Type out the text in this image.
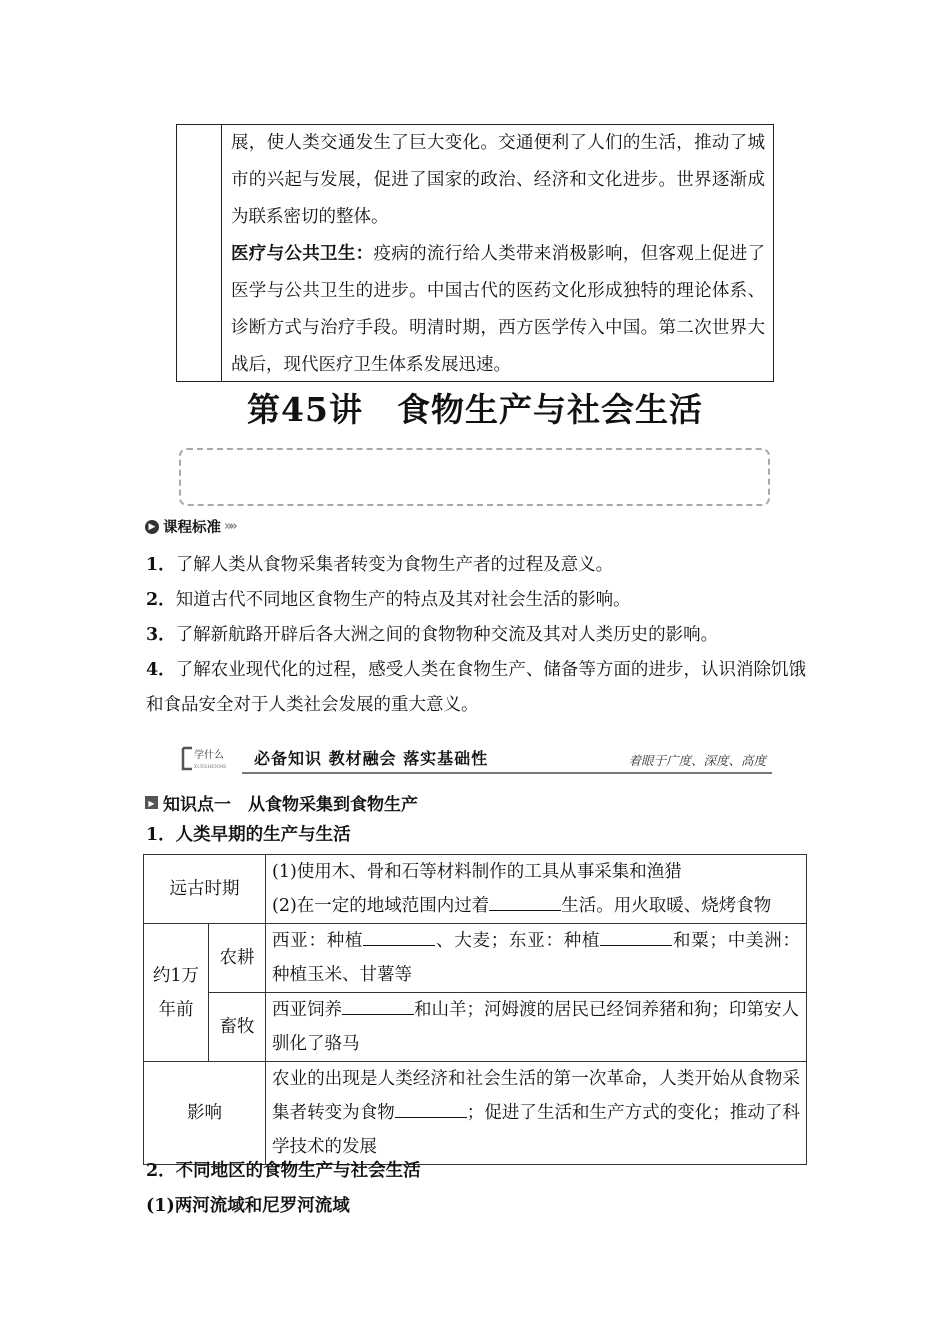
展，使人类交通发生了巨大变化。交通便利了人们的生活，推动了城市的兴起与发展，促进了国家的政治、经济和文化进步。世界逐渐成为联系密切的整体。
医疗与公共卫生：疫病的流行给人类带来消极影响，但客观上促进了医学与公共卫生的进步。中国古代的医药文化形成独特的理论体系、诊断方式与治疗手段。明清时期，西方医学传入中国。第二次世界大战后，现代医疗卫生体系发展迅速。
第45讲 食物生产与社会生活
▶ 课程标准 »»
1．了解人类从食物采集者转变为食物生产者的过程及意义。
2．知道古代不同地区食物生产的特点及其对社会生活的影响。
3．了解新航路开辟后各大洲之间的食物物种交流及其对人类历史的影响。
4．了解农业现代化的过程，感受人类在食物生产、储备等方面的进步，认识消除饥饿和食品安全对于人类社会发展的重大意义。
学什么
XUESHENME 必备知识 教材融会 落实基础性	着眼于广度、深度、高度
▶ 知识点一　从食物采集到食物生产
1．人类早期的生产与生活
远古时期		(1)使用木、骨和石等材料制作的工具从事采集和渔猎
(2)在一定的地域范围内过着 生活。用火取暖、烧烤食物

约1万年前	农耕	西亚：种植 、大麦；东亚：种植 和粟；中美洲：种植玉米、甘薯等
	畜牧	西亚饲养 和山羊；河姆渡的居民已经饲养猪和狗；印第安人驯化了骆马
影响		农业的出现是人类经济和社会生活的第一次革命，人类开始从食物采集者转变为食物 ；促进了生活和生产方式的变化；推动了科学技术的发展
2．不同地区的食物生产与社会生活
(1)两河流域和尼罗河流域
